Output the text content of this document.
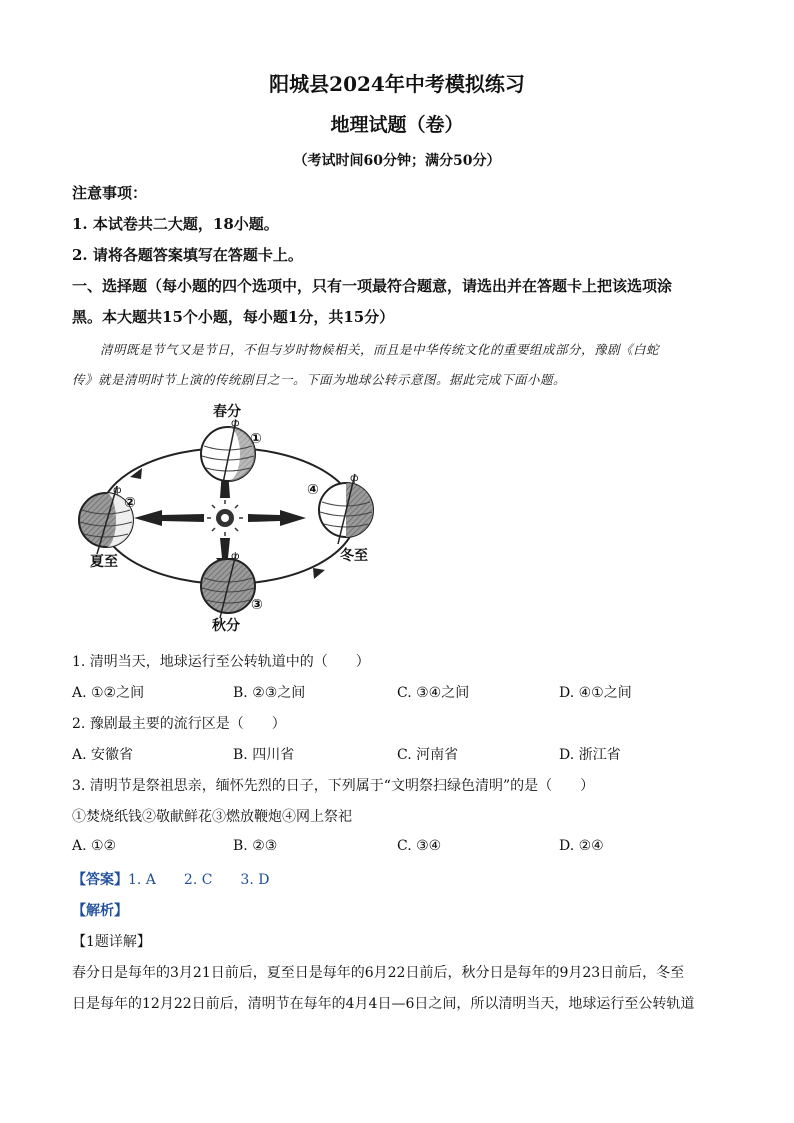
阳城县2024年中考模拟练习
地理试题（卷）
（考试时间60分钟；满分50分）
注意事项：
1. 本试卷共二大题，18小题。
2. 请将各题答案填写在答题卡上。
一、选择题（每小题的四个选项中，只有一项最符合题意，请选出并在答题卡上把该选项涂
黑。本大题共15个小题，每小题1分，共15分）
清明既是节气又是节日，不但与岁时物候相关，而且是中华传统文化的重要组成部分，豫剧《白蛇
传》就是清明时节上演的传统剧目之一。下面为地球公转示意图。据此完成下面小题。
ф
ф
ф
ф
春分
①
②
夏至
③
秋分
④
冬至
1. 清明当天，地球运行至公转轨道中的（　　）
A. ①②之间	B. ②③之间	C. ③④之间	D. ④①之间
2. 豫剧最主要的流行区是（　　）
A. 安徽省	B. 四川省	C. 河南省	D. 浙江省
3. 清明节是祭祖思亲，缅怀先烈的日子，下列属于“文明祭扫绿色清明”的是（　　）
①焚烧纸钱②敬献鲜花③燃放鞭炮④网上祭祀
A. ①②	B. ②③	C. ③④	D. ②④
【答案】1. A　　2. C　　3. D
【解析】
【1题详解】
春分日是每年的3月21日前后，夏至日是每年的6月22日前后，秋分日是每年的9月23日前后，冬至
日是每年的12月22日前后，清明节在每年的4月4日—6日之间，所以清明当天，地球运行至公转轨道
